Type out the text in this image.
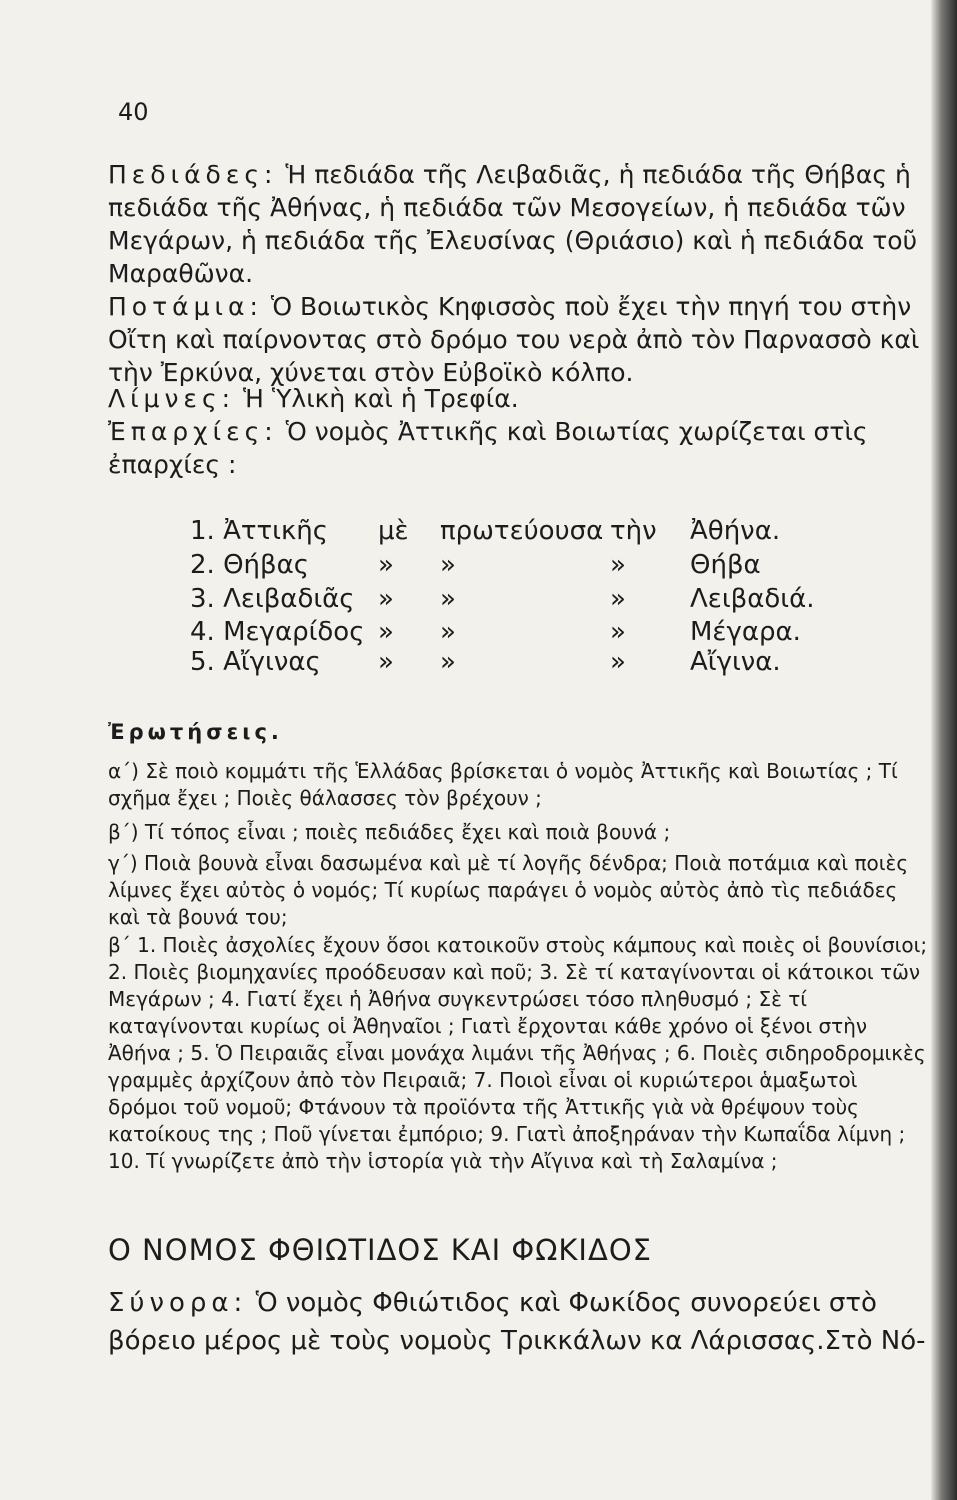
40
Πεδιάδες: Ἡ πεδιάδα τῆς Λειβαδιᾶς, ἡ πεδιάδα τῆς Θήβας ἡ πεδιάδα τῆς Ἀθήνας, ἡ πεδιάδα τῶν Μεσογείων, ἡ πεδιάδα τῶν Μεγάρων, ἡ πεδιάδα τῆς Ἐλευσίνας (Θριάσιο) καὶ ἡ πεδιάδα τοῦ Μαραθῶνα.
Ποτάμια: Ὁ Βοιωτικὸς Κηφισσὸς ποὺ ἔχει τὴν πηγή του στὴν Οἴτη καὶ παίρνοντας στὸ δρόμο του νερὰ ἀπὸ τὸν Παρνασσὸ καὶ τὴν Ἐρκύνα, χύνεται στὸν Εὐβοϊκὸ κόλπο.
Λίμνες: Ἡ Ὑλικὴ καὶ ἡ Τρεφία.
Ἐπαρχίες: Ὁ νομὸς Ἀττικῆς καὶ Βοιωτίας χωρίζεται στὶς ἐπαρχίες :
1. Ἀττικῆς μὲ πρωτεύουσα τὴν Ἀθήνα.
2. Θήβας	» »	» Θήβα
3. Λειβαδιᾶς » »	» Λειβαδιά.
4. Μεγαρίδος » »	» Μέγαρα.
5. Αἴγινας » »	» Αἴγινα.
Ἐρωτήσεις.
α΄) Σὲ ποιὸ κομμάτι τῆς Ἑλλάδας βρίσκεται ὁ νομὸς Ἀττικῆς καὶ Βοιωτίας ; Τί σχῆμα ἔχει ; Ποιὲς θάλασσες τὸν βρέχουν ;
β΄) Τί τόπος εἶναι ; ποιὲς πεδιάδες ἔχει καὶ ποιὰ βουνά ;
γ΄) Ποιὰ βουνὰ εἶναι δασωμένα καὶ μὲ τί λογῆς δένδρα; Ποιὰ ποτάμια καὶ ποιὲς λίμνες ἔχει αὐτὸς ὁ νομός; Τί κυρίως παράγει ὁ νομὸς αὐτὸς ἀπὸ τὶς πεδιάδες καὶ τὰ βουνά του;
β΄ 1. Ποιὲς ἀσχολίες ἔχουν ὅσοι κατοικοῦν στοὺς κάμπους καὶ ποιὲς οἱ βουνίσιοι; 2. Ποιὲς βιομηχανίες προόδευσαν καὶ ποῦ; 3. Σὲ τί καταγίνονται οἱ κάτοικοι τῶν Μεγάρων ; 4. Γιατί ἔχει ἡ Ἀθήνα συγκεντρώσει τόσο πληθυσμό ; Σὲ τί καταγίνονται κυρίως οἱ Ἀθηναῖοι ; Γιατὶ ἔρχονται κάθε χρόνο οἱ ξένοι στὴν Ἀθήνα ; 5. Ὁ Πειραιᾶς εἶναι μονάχα λιμάνι τῆς Ἀθήνας ; 6. Ποιὲς σιδηροδρομικὲς γραμμὲς ἀρχίζουν ἀπὸ τὸν Πειραιᾶ; 7. Ποιοὶ εἶναι οἱ κυριώτεροι ἁμαξωτοὶ δρόμοι τοῦ νομοῦ; Φτάνουν τὰ προϊόντα τῆς Ἀττικῆς γιὰ νὰ θρέψουν τοὺς κατοίκους της ; Ποῦ γίνεται ἐμπόριο; 9. Γιατὶ ἀποξηράναν τὴν Κωπαΐδα λίμνη ; 10. Τί γνωρίζετε ἀπὸ τὴν ἱστορία γιὰ τὴν Αἴγινα καὶ τὴ Σαλαμίνα ;
Ο ΝΟΜΟΣ ΦΘΙΩΤΙΔΟΣ ΚΑΙ ΦΩΚΙΔΟΣ
Σύνορα: Ὁ νομὸς Φθιώτιδος καὶ Φωκίδος συνορεύει στὸ βόρειο μέρος μὲ τοὺς νομοὺς Τρικκάλων κα Λάρισσας.Στὸ Νό-
